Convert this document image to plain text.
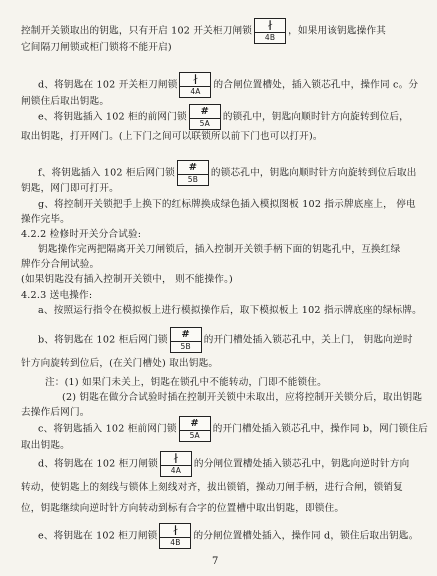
控制开关锁取出的钥匙，只有开启 102 开关柜刀闸锁	∤
4B
，如果用该钥匙操作其
它间隔刀闸锁或柜门锁将不能开启)
d、将钥匙在 102 开关柜刀闸锁	∤
4A
的合闸位置槽处，插入锁芯孔中，操作同 c。分
闸锁住后取出钥匙。
e、将钥匙插入 102 柜的前网门锁	#
5A
的锁孔中，钥匙向顺时针方向旋转到位后，
取出钥匙，打开网门。(上下门之间可以联锁所以前下门也可以打开)。
f、将钥匙插入 102 柜后网门锁	#
5B
的锁芯孔中，钥匙向顺时针方向旋转到位后取出
钥匙，网门即可打开。
g、将控制开关锁把手上换下的红标牌换成绿色插入模拟图板 102 指示牌底座上， 停电
操作完毕。
4.2.2 检修时开关分合试验:
钥匙操作完两把隔离开关刀闸锁后，插入控制开关锁手柄下面的钥匙孔中，互换红绿
牌作分合闸试验。
(如果钥匙没有插入控制开关锁中， 则不能操作。)
4.2.3 送电操作:
a、按照运行指令在模拟板上进行模拟操作后，取下模拟板上 102 指示牌底座的绿标牌。
b、将钥匙在 102 柜后网门锁	#
5B
的开门槽处插入锁芯孔中，关上门， 钥匙向逆时
针方向旋转到位后，(在关门槽处) 取出钥匙。
注：(1) 如果门未关上，钥匙在锁孔中不能转动，门即不能锁住。
(2) 钥匙在做分合试验时插在控制开关锁中未取出，应将控制开关锁分后，取出钥匙
去操作后网门。
c、将钥匙插入 102 柜前网门锁	#
5A
的开门槽处插入锁芯孔中，操作同 b，网门锁住后
取出钥匙。
d、将钥匙在 102 柜刀闸锁	∤
4A
的分闸位置槽处插入锁芯孔中，钥匙向逆时针方向
转动，使钥匙上的刻线与锁体上刻线对齐，拔出锁销，操动刀闸手柄，进行合闸，锁销复
位，钥匙继续向逆时针方向转动到标有合字的位置槽中取出钥匙，即锁住。
e、将钥匙在 102 柜刀闸锁	∤
4B
的分闸位置槽处插入，操作同 d，锁住后取出钥匙。
7
